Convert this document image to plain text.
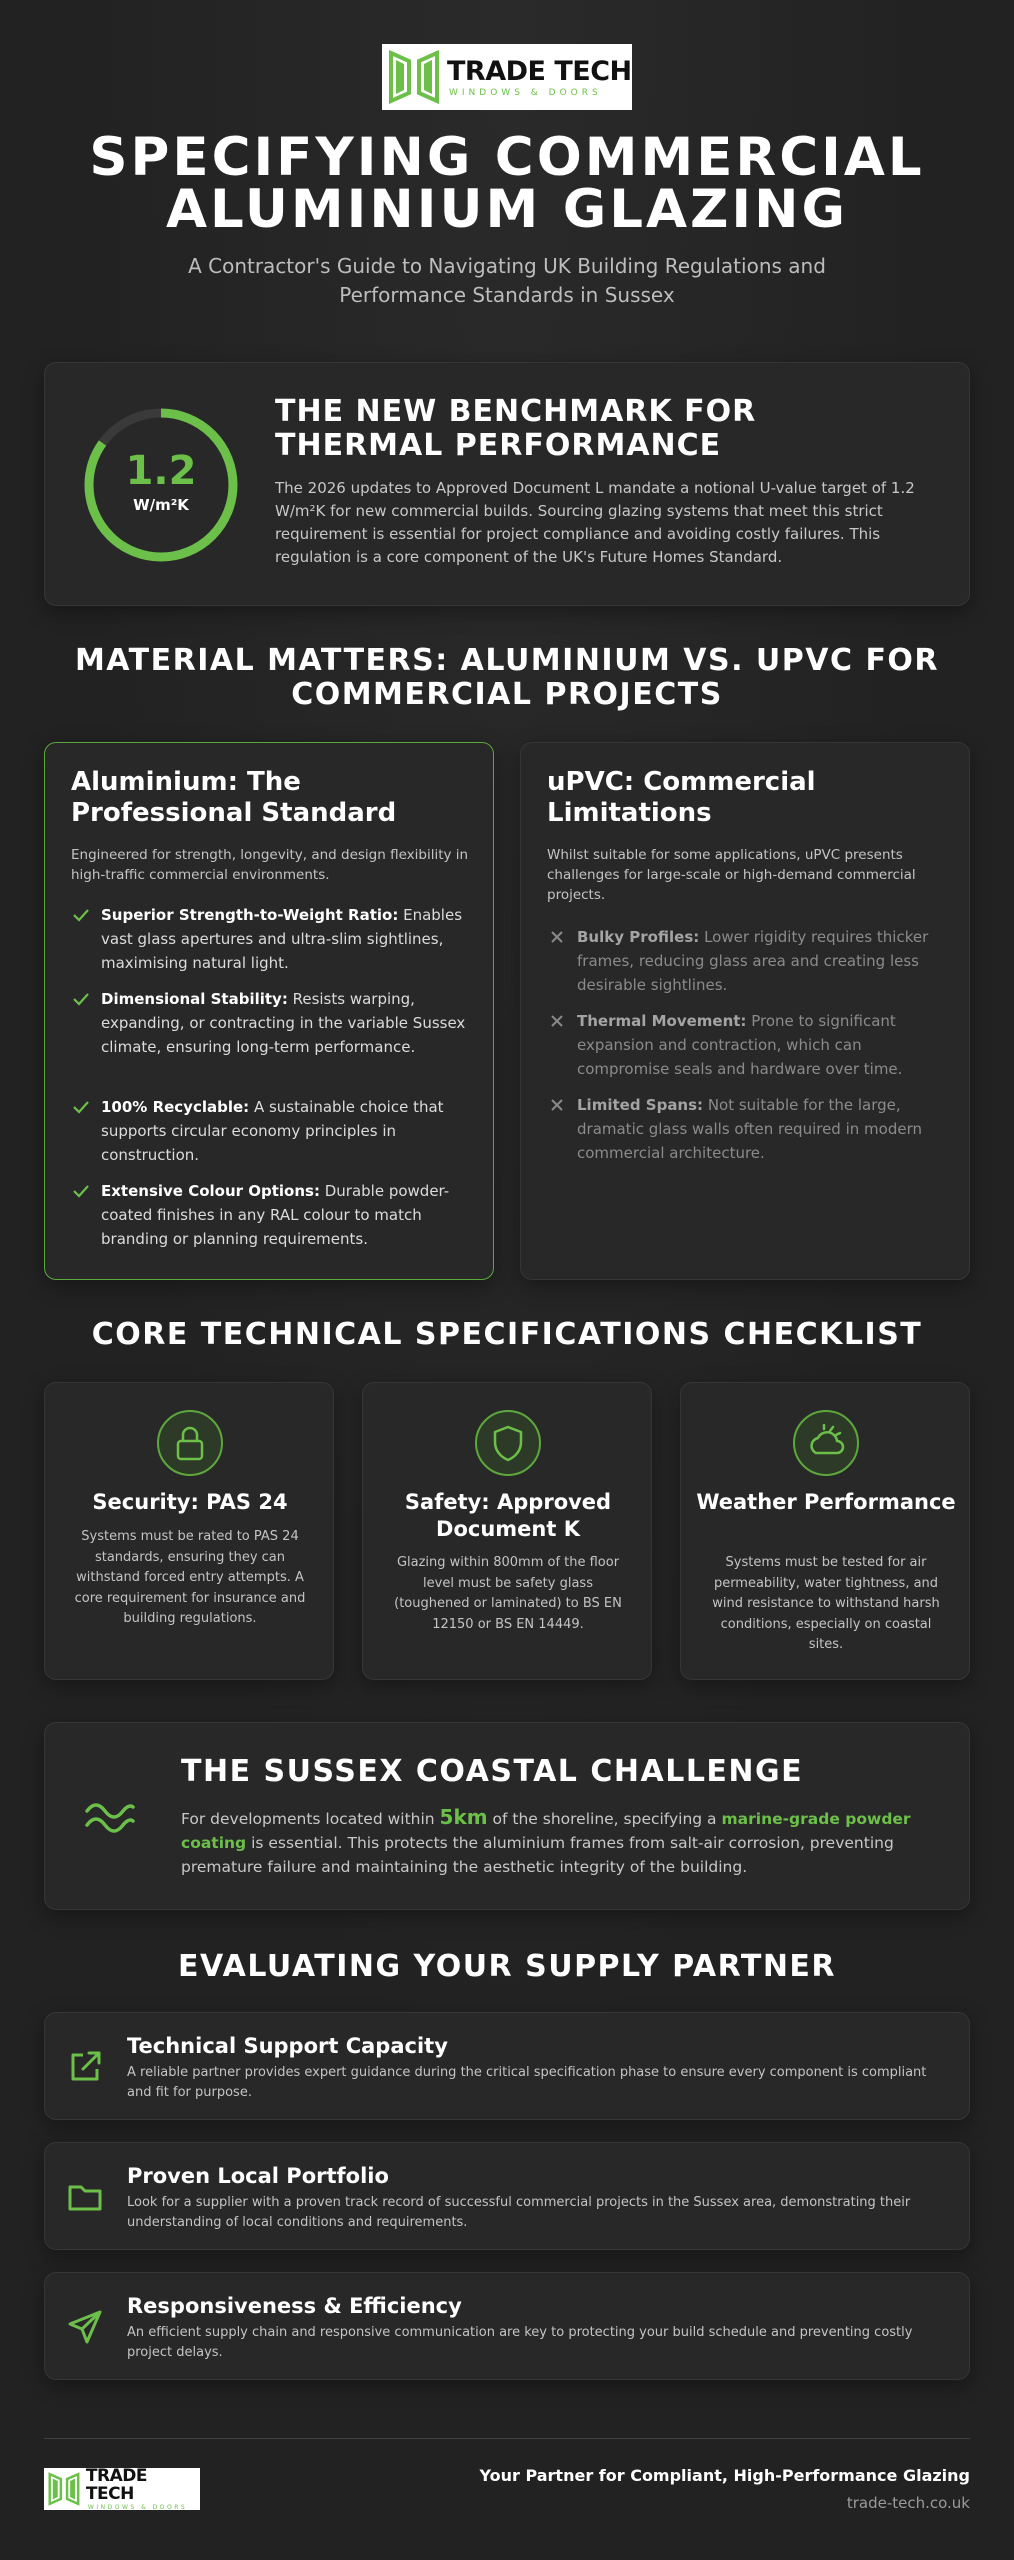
TRADE TECH
WINDOWS & DOORS
SPECIFYING COMMERCIAL ALUMINIUM GLAZING

A Contractor's Guide to Navigating UK Building Regulations and Performance Standards in Sussex

1.2
W/m²K
THE NEW BENCHMARK FOR THERMAL PERFORMANCE

The 2026 updates to Approved Document L mandate a notional U-value target of 1.2 W/m²K for new commercial builds. Sourcing glazing systems that meet this strict requirement is essential for project compliance and avoiding costly failures. This regulation is a core component of the UK's Future Homes Standard.

MATERIAL MATTERS: ALUMINIUM VS. UPVC FOR COMMERCIAL PROJECTS
Aluminium: The Professional Standard

Engineered for strength, longevity, and design flexibility in high-traffic commercial environments.

Superior Strength-to-Weight Ratio: Enables vast glass apertures and ultra-slim sightlines, maximising natural light.
Dimensional Stability: Resists warping, expanding, or contracting in the variable Sussex climate, ensuring long-term performance.
100% Recyclable: A sustainable choice that supports circular economy principles in construction.
Extensive Colour Options: Durable powder-coated finishes in any RAL colour to match branding or planning requirements.
uPVC: Commercial Limitations

Whilst suitable for some applications, uPVC presents challenges for large-scale or high-demand commercial projects.

Bulky Profiles: Lower rigidity requires thicker frames, reducing glass area and creating less desirable sightlines.
Thermal Movement: Prone to significant expansion and contraction, which can compromise seals and hardware over time.
Limited Spans: Not suitable for the large, dramatic glass walls often required in modern commercial architecture.
CORE TECHNICAL SPECIFICATIONS CHECKLIST
Security: PAS 24

Systems must be rated to PAS 24 standards, ensuring they can withstand forced entry attempts. A core requirement for insurance and building regulations.

Safety: Approved Document K

Glazing within 800mm of the floor level must be safety glass (toughened or laminated) to BS EN 12150 or BS EN 14449.

Weather Performance

Systems must be tested for air permeability, water tightness, and wind resistance to withstand harsh conditions, especially on coastal sites.

THE SUSSEX COASTAL CHALLENGE

For developments located within 5km of the shoreline, specifying a marine-grade powder coating is essential. This protects the aluminium frames from salt-air corrosion, preventing premature failure and maintaining the aesthetic integrity of the building.

EVALUATING YOUR SUPPLY PARTNER
Technical Support Capacity

A reliable partner provides expert guidance during the critical specification phase to ensure every component is compliant and fit for purpose.

Proven Local Portfolio

Look for a supplier with a proven track record of successful commercial projects in the Sussex area, demonstrating their understanding of local conditions and requirements.

Responsiveness & Efficiency

An efficient supply chain and responsive communication are key to protecting your build schedule and preventing costly project delays.

TRADE TECH
WINDOWS & DOORS

Your Partner for Compliant, High-Performance Glazing

trade-tech.co.uk
